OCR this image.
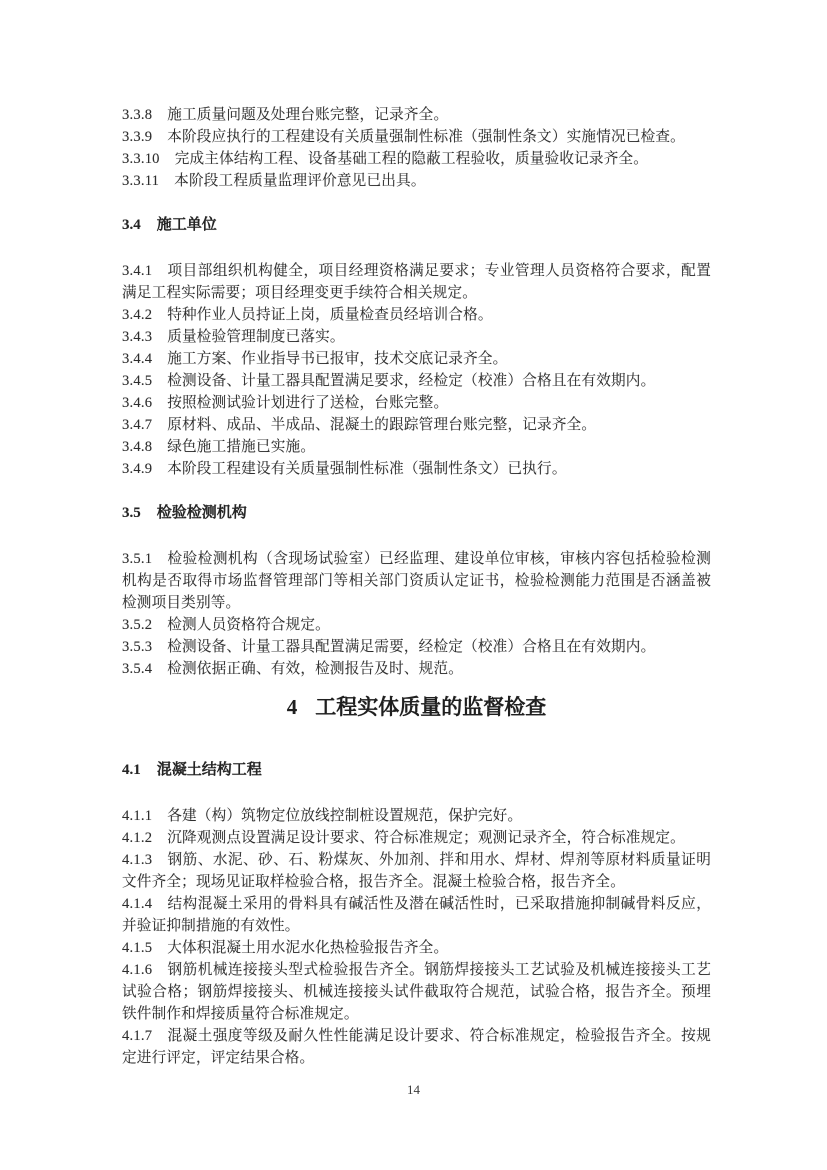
3.3.8 施工质量问题及处理台账完整，记录齐全。

3.3.9 本阶段应执行的工程建设有关质量强制性标准（强制性条文）实施情况已检查。

3.3.10 完成主体结构工程、设备基础工程的隐蔽工程验收，质量验收记录齐全。

3.3.11 本阶段工程质量监理评价意见已出具。

3.4 施工单位

3.4.1 项目部组织机构健全，项目经理资格满足要求；专业管理人员资格符合要求，配置满足工程实际需要；项目经理变更手续符合相关规定。

3.4.2 特种作业人员持证上岗，质量检查员经培训合格。

3.4.3 质量检验管理制度已落实。

3.4.4 施工方案、作业指导书已报审，技术交底记录齐全。

3.4.5 检测设备、计量工器具配置满足要求，经检定（校准）合格且在有效期内。

3.4.6 按照检测试验计划进行了送检，台账完整。

3.4.7 原材料、成品、半成品、混凝土的跟踪管理台账完整，记录齐全。

3.4.8 绿色施工措施已实施。

3.4.9 本阶段工程建设有关质量强制性标准（强制性条文）已执行。

3.5 检验检测机构

3.5.1 检验检测机构（含现场试验室）已经监理、建设单位审核，审核内容包括检验检测机构是否取得市场监督管理部门等相关部门资质认定证书，检验检测能力范围是否涵盖被检测项目类别等。

3.5.2 检测人员资格符合规定。

3.5.3 检测设备、计量工器具配置满足需要，经检定（校准）合格且在有效期内。

3.5.4 检测依据正确、有效，检测报告及时、规范。

4 工程实体质量的监督检查
4.1 混凝土结构工程

4.1.1 各建（构）筑物定位放线控制桩设置规范，保护完好。

4.1.2 沉降观测点设置满足设计要求、符合标准规定；观测记录齐全，符合标准规定。

4.1.3 钢筋、水泥、砂、石、粉煤灰、外加剂、拌和用水、焊材、焊剂等原材料质量证明文件齐全；现场见证取样检验合格，报告齐全。混凝土检验合格，报告齐全。

4.1.4 结构混凝土采用的骨料具有碱活性及潜在碱活性时，已采取措施抑制碱骨料反应，并验证抑制措施的有效性。

4.1.5 大体积混凝土用水泥水化热检验报告齐全。

4.1.6 钢筋机械连接接头型式检验报告齐全。钢筋焊接接头工艺试验及机械连接接头工艺试验合格；钢筋焊接接头、机械连接接头试件截取符合规范，试验合格，报告齐全。预埋铁件制作和焊接质量符合标准规定。

4.1.7 混凝土强度等级及耐久性性能满足设计要求、符合标准规定，检验报告齐全。按规定进行评定，评定结果合格。

14
